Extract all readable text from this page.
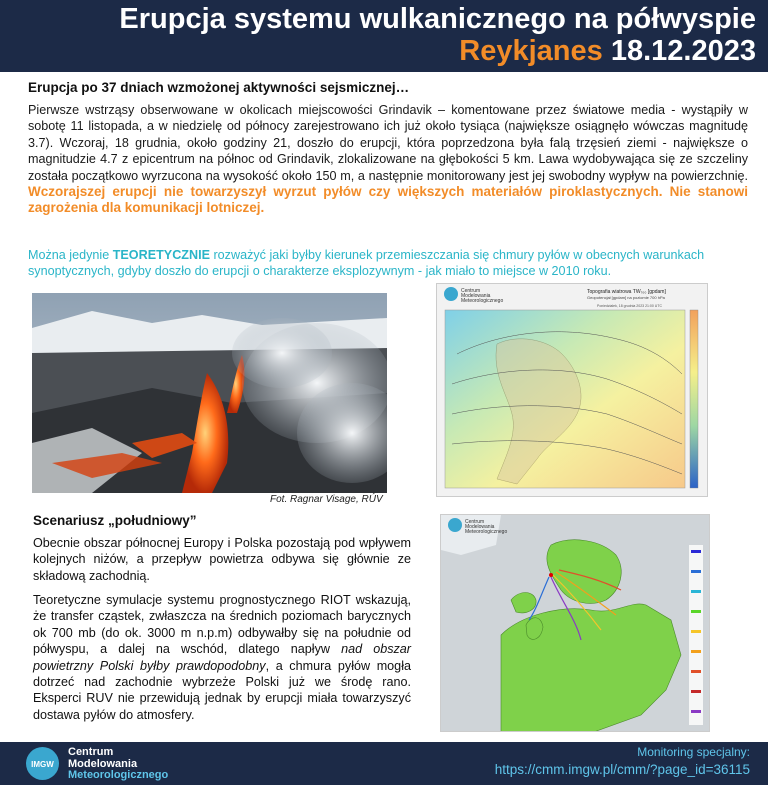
Erupcja systemu wulkanicznego na półwyspie
Reykjanes 18.12.2023
Erupcja po 37 dniach wzmożonej aktywności sejsmicznej…
Pierwsze wstrząsy obserwowane w okolicach miejscowości Grindavik – komentowane przez światowe media - wystąpiły w sobotę 11 listopada, a w niedzielę od północy zarejestrowano ich już około tysiąca (największe osiągnęło wówczas magnitudę 3.7). Wczoraj, 18 grudnia, około godziny 21, doszło do erupcji, która poprzedzona była falą trzęsień ziemi - największe o magnitudzie 4.7 z epicentrum na północ od Grindavik, zlokalizowane na głębokości 5 km. Lawa wydobywająca się ze szczeliny została początkowo wyrzucona na wysokość około 150 m, a następnie monitorowany jest jej swobodny wypływ na powierzchnię. Wczorajszej erupcji nie towarzyszył wyrzut pyłów czy większych materiałów piroklastycznych. Nie stanowi zagrożenia dla komunikacji lotniczej.
Można jedynie TEORETYCZNIE rozważyć jaki byłby kierunek przemieszczania się chmury pyłów w obecnych warunkach synoptycznych, gdyby doszło do erupcji o charakterze eksplozywnym - jak miało to miejsce w 2010 roku.
Fot. Ragnar Visage, RÚV
Centrum
Modelowania
Meteorologicznego
Topografia wiatrowa TW₇₀₀ [gpdam]
Geopotencjał [gpdam] na poziomie 700 hPa
Poniedziałek, 18 grudnia 2023 21:00 UTC
Centrum
Modelowania
Meteorologicznego
Scenariusz „południowy”
Obecnie obszar północnej Europy i Polska pozostają pod wpływem kolejnych niżów, a przepływ powietrza odbywa się głównie ze składową zachodnią.
Teoretyczne symulacje systemu prognostycznego RIOT wskazują, że transfer cząstek, zwłaszcza na średnich poziomach barycznych ok 700 mb (do ok. 3000 m n.p.m) odbywałby się na południe od półwyspu, a dalej na wschód, dlatego napływ nad obszar powietrzny Polski byłby prawdopodobny, a chmura pyłów mogła dotrzeć nad zachodnie wybrzeże Polski już we środę rano. Eksperci RUV nie przewidują jednak by erupcji miała towarzyszyć dostawa pyłów do atmosfery.
IMGW
Centrum
Modelowania
Meteorologicznego
Monitoring specjalny:
https://cmm.imgw.pl/cmm/?page_id=36115
